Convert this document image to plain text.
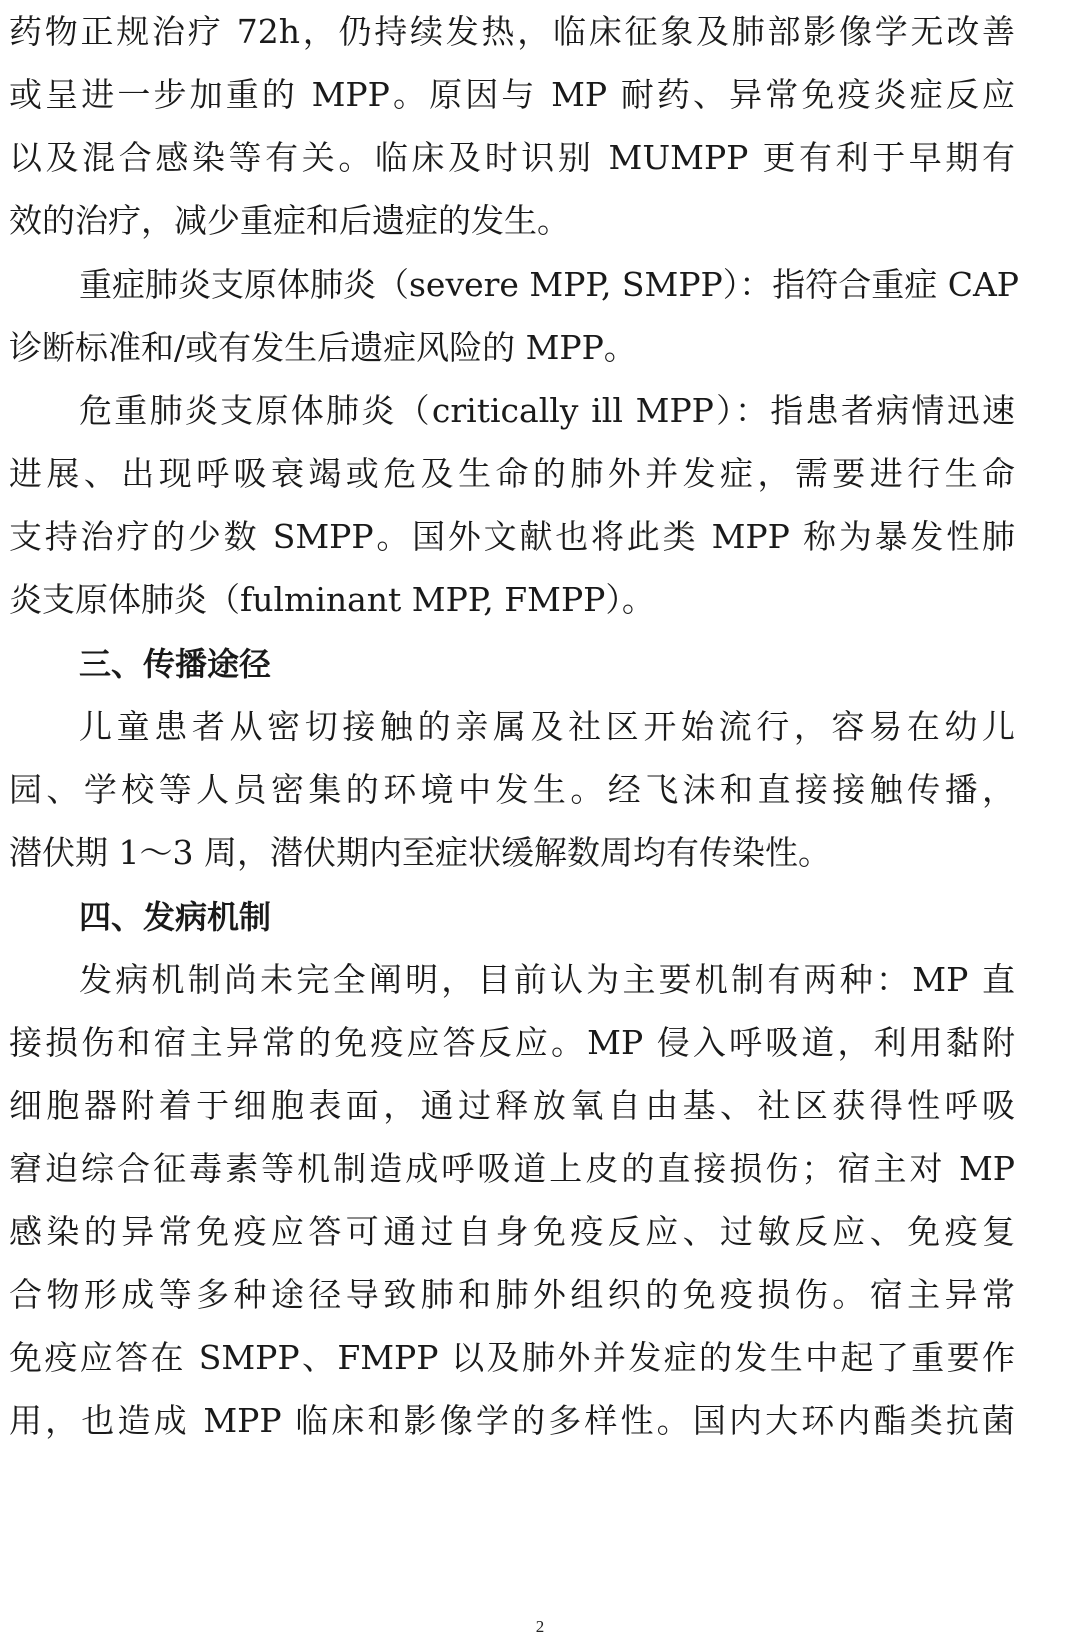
药物正规治疗 72h，仍持续发热，临床征象及肺部影像学无改善
或呈进一步加重的 MPP。原因与 MP 耐药、异常免疫炎症反应
以及混合感染等有关。临床及时识别 MUMPP 更有利于早期有
效的治疗，减少重症和后遗症的发生。
重症肺炎支原体肺炎（severe MPP, SMPP）：指符合重症 CAP
诊断标准和/或有发生后遗症风险的 MPP。
危重肺炎支原体肺炎（critically ill MPP）：指患者病情迅速
进展、出现呼吸衰竭或危及生命的肺外并发症，需要进行生命
支持治疗的少数 SMPP。国外文献也将此类 MPP 称为暴发性肺
炎支原体肺炎（fulminant MPP, FMPP）。
三、传播途径
儿童患者从密切接触的亲属及社区开始流行，容易在幼儿
园、学校等人员密集的环境中发生。经飞沫和直接接触传播，
潜伏期 1～3 周，潜伏期内至症状缓解数周均有传染性。
四、发病机制
发病机制尚未完全阐明，目前认为主要机制有两种：MP 直
接损伤和宿主异常的免疫应答反应。MP 侵入呼吸道，利用黏附
细胞器附着于细胞表面，通过释放氧自由基、社区获得性呼吸
窘迫综合征毒素等机制造成呼吸道上皮的直接损伤；宿主对 MP
感染的异常免疫应答可通过自身免疫反应、过敏反应、免疫复
合物形成等多种途径导致肺和肺外组织的免疫损伤。宿主异常
免疫应答在 SMPP、FMPP 以及肺外并发症的发生中起了重要作
用，也造成 MPP 临床和影像学的多样性。国内大环内酯类抗菌
2
